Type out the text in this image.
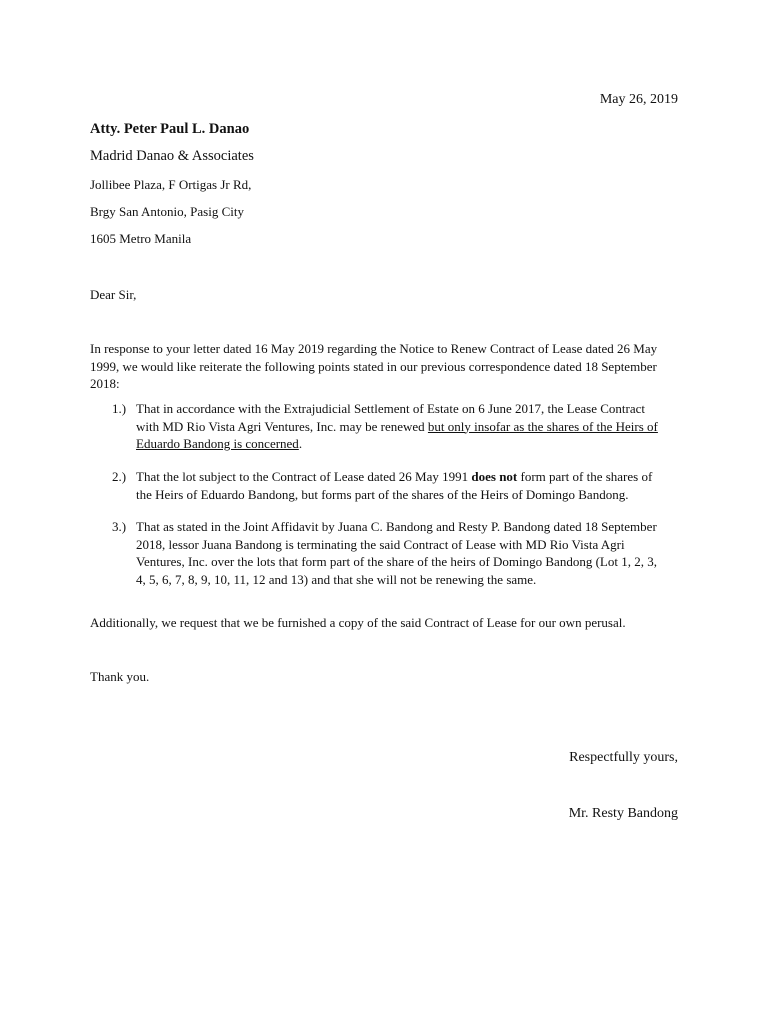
May 26, 2019
Atty. Peter Paul L. Danao
Madrid Danao & Associates
Jollibee Plaza, F Ortigas Jr Rd,
Brgy San Antonio, Pasig City
1605 Metro Manila
Dear Sir,
In response to your letter dated 16 May 2019 regarding the Notice to Renew Contract of Lease dated 26 May 1999, we would like reiterate the following points stated in our previous correspondence dated 18 September 2018:
1.) That in accordance with the Extrajudicial Settlement of Estate on 6 June 2017, the Lease Contract with MD Rio Vista Agri Ventures, Inc. may be renewed but only insofar as the shares of the Heirs of Eduardo Bandong is concerned.
2.) That the lot subject to the Contract of Lease dated 26 May 1991 does not form part of the shares of the Heirs of Eduardo Bandong, but forms part of the shares of the Heirs of Domingo Bandong.
3.) That as stated in the Joint Affidavit by Juana C. Bandong and Resty P. Bandong dated 18 September 2018, lessor Juana Bandong is terminating the said Contract of Lease with MD Rio Vista Agri Ventures, Inc. over the lots that form part of the share of the heirs of Domingo Bandong (Lot 1, 2, 3, 4, 5, 6, 7, 8, 9, 10, 11, 12 and 13) and that she will not be renewing the same.
Additionally, we request that we be furnished a copy of the said Contract of Lease for our own perusal.
Thank you.
Respectfully yours,
Mr. Resty Bandong
